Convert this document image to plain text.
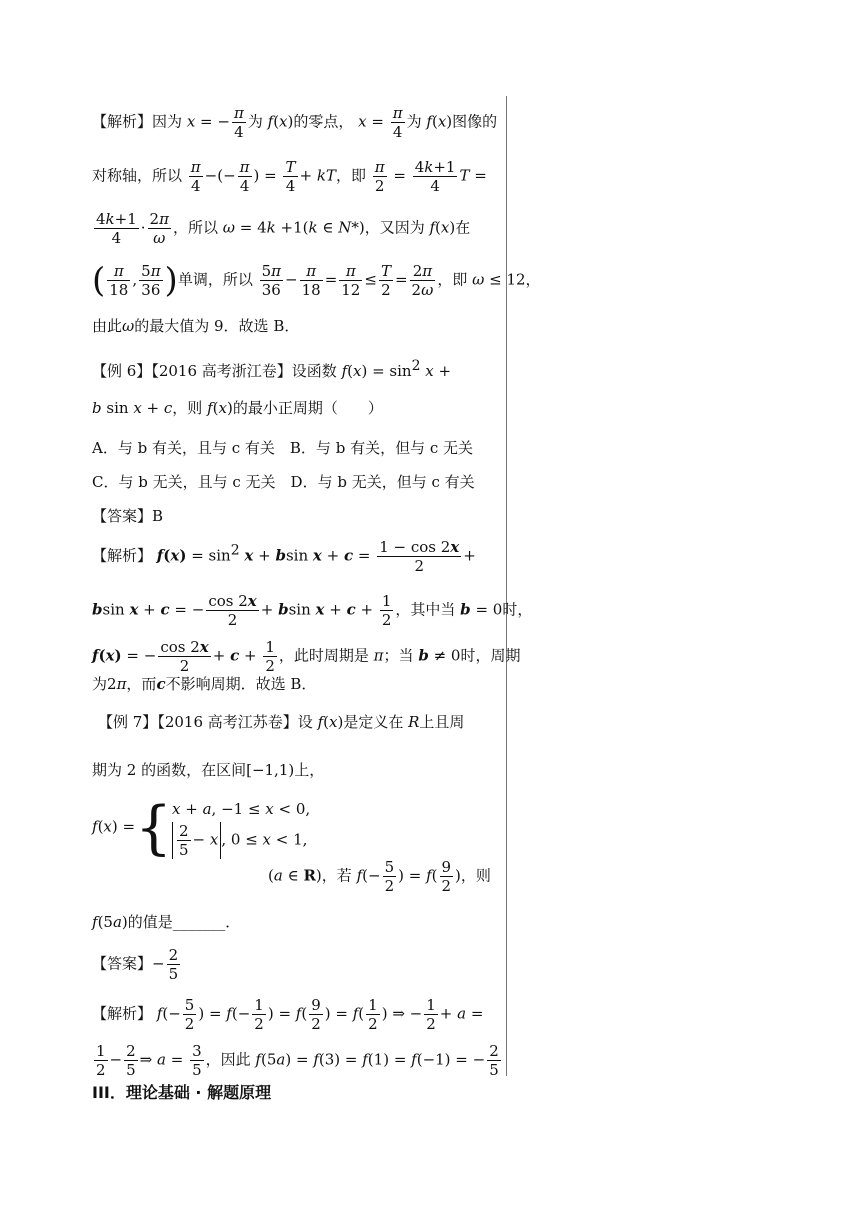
【解析】因为 x = − $\frac{\pi}{4}$ 为 f(x)的零点， $x = \frac{\pi}{4}$ 为 f(x)图像的
对称轴，所以 $\frac{\pi}{4}$ −(− $\frac{\pi}{4}$ ) = $\frac{T}{4}$ + kT，即 $\frac{\pi}{2} = \frac{4k+1}{4}$ T =
$\frac{4k+1}{4} \cdot \frac{2\pi}{\omega}$ ，所以 ω = 4k +1(k ∈ N*)，又因为 f(x)在
( $\frac{\pi}{18}$ , $\frac{5\pi}{36}$ )单调，所以 $\frac{5\pi}{36} - \frac{\pi}{18} = \frac{\pi}{12} \le \frac{T}{2} = \frac{2\pi}{2\omega}$ ，即 ω ≤ 12，
由此ω的最大值为 9．故选 B．
【例 6】【2016 高考浙江卷】设函数 $f(x) = \sin^2 x$ +
b sin x + c，则 f(x)的最小正周期（　　）
A．与 b 有关，且与 c 有关　B．与 b 有关，但与 c 无关
C．与 b 无关，且与 c 无关　D．与 b 无关，但与 c 有关
【答案】B
【解析】 $f(x) = \sin^2 x + bsin$ $x + c = \frac{1 - \cos 2x}{2}$ +
bsin x + c = − $\frac{\cos 2x}{2} + bsin$ $x + c + \frac{1}{2}$ ，其中当 b = 0时，
f(x) = − $\frac{\cos 2x}{2} + c + \frac{1}{2}$ ，此时周期是 π；当 b ≠ 0时，周期
为2π，而c不影响周期．故选 B．
【例 7】【2016 高考江苏卷】设 f(x)是定义在 R上且周
期为 2 的函数，在区间[−1,1)上，
f(x) ={ x + a, −1 ≤ x < 0,
$\frac{2}{5} - x$ , 0 ≤ x < 1,
(a ∈ R)，若 $f(- \frac{5}{2}$ ) = $f( \frac{9}{2}$ )，则
f(5a)的值是_______．
【答案】− $\frac{2}{5}$
【解析】 $f(- \frac{5}{2}$ ) = $f(- \frac{1}{2}$ ) = $f( \frac{9}{2}$ ) = $f( \frac{1}{2}$ ) ⇒ − $\frac{1}{2} + a$ =
$\frac{1}{2} - \frac{2}{5}$ ⇒ $a = \frac{3}{5}$ ，因此 f(5a) = f(3) = f(1) = f(−1) = − $\frac{2}{5}$
III．理论基础 · 解题原理
